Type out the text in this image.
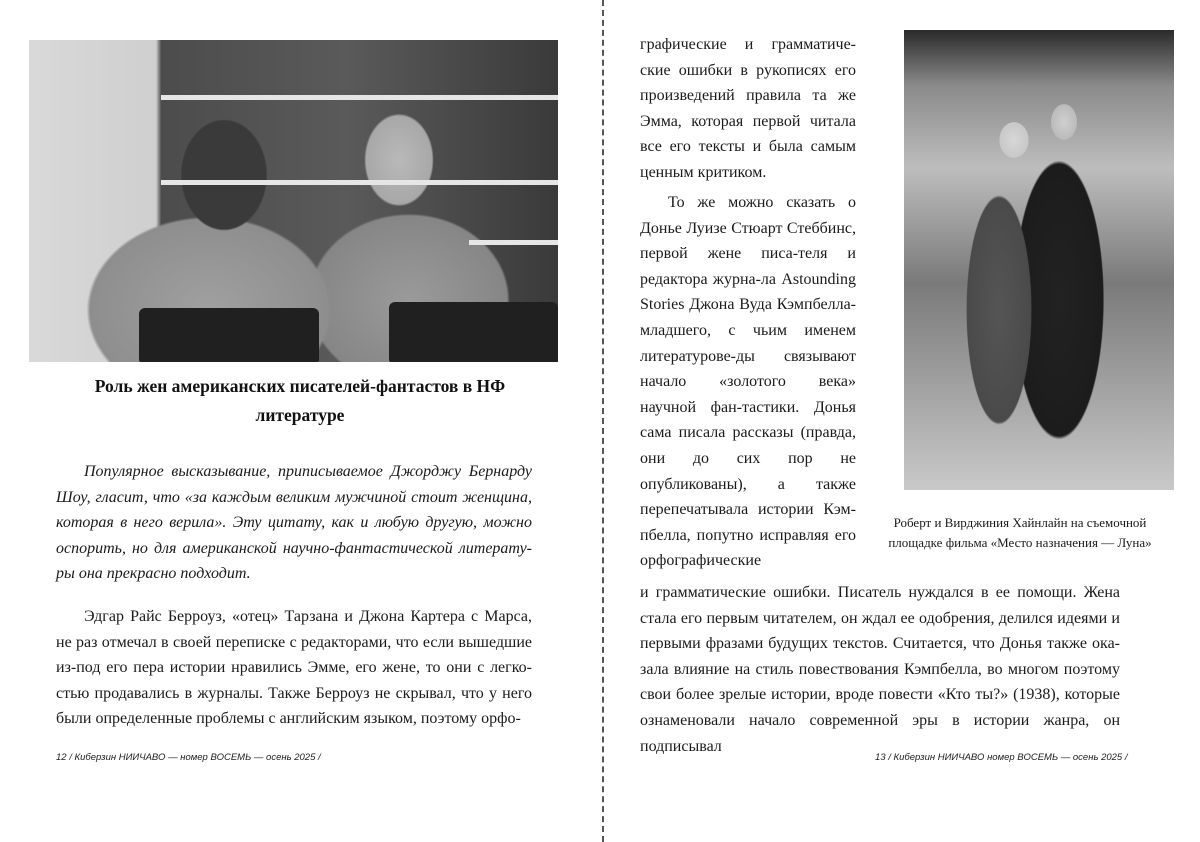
Роль жен американских писателей-фантастов в НФ
литературе

Популярное высказывание, приписываемое Джорджу Бернарду Шоу, гласит, что «за каждым великим мужчиной стоит женщина, которая в него верила». Эту цитату, как и любую другую, можно оспорить, но для американской научно-фантастической литерату-ры она прекрасно подходит.

Эдгар Райс Берроуз, «отец» Тарзана и Джона Картера с Марса, не раз отмечал в своей переписке с редакторами, что если вышедшие из-под его пера истории нравились Эмме, его жене, то они с легко-стью продавались в журналы. Также Берроуз не скрывал, что у него были определенные проблемы с английским языком, поэтому орфо-

12 / Киберзин НИИЧАВО — номер ВОСЕМЬ — осень 2025 /

графические и грамматиче-ские ошибки в рукописях его произведений правила та же Эмма, которая первой читала все его тексты и была самым ценным критиком.

То же можно сказать о Донье Луизе Стюарт Стеббинс, первой жене писа-теля и редактора журна-ла Astounding Stories Джона Вуда Кэмпбелла-младшего, с чьим именем литературове-ды связывают начало «золотого века» научной фан-тастики. Донья сама писала рассказы (правда, они до сих пор не опубликованы), а также перепечатывала истории Кэм-пбелла, попутно исправляя его орфографические

Роберт и Вирджиния Хайнлайн на съемочной площадке фильма «Место назначения — Луна»

и грамматические ошибки. Писатель нуждался в ее помощи. Жена стала его первым читателем, он ждал ее одобрения, делился идеями и первыми фразами будущих текстов. Считается, что Донья также ока-зала влияние на стиль повествования Кэмпбелла, во многом поэтому свои более зрелые истории, вроде повести «Кто ты?» (1938), которые ознаменовали начало современной эры в истории жанра, он подписывал

13 / Киберзин НИИЧАВО номер ВОСЕМЬ — осень 2025 /
